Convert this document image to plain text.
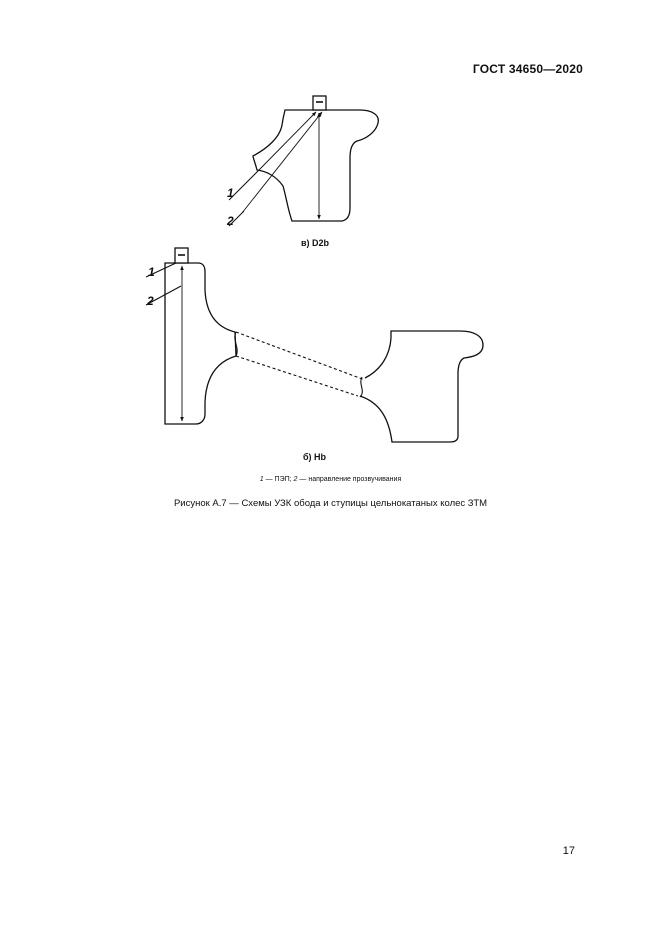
ГОСТ 34650—2020
1
2
1
2
в) D2b
б) Hb
1 — ПЭП; 2 — направление прозвучивания
Рисунок А.7 — Схемы УЗК обода и ступицы цельнокатаных колес ЗТМ
17
